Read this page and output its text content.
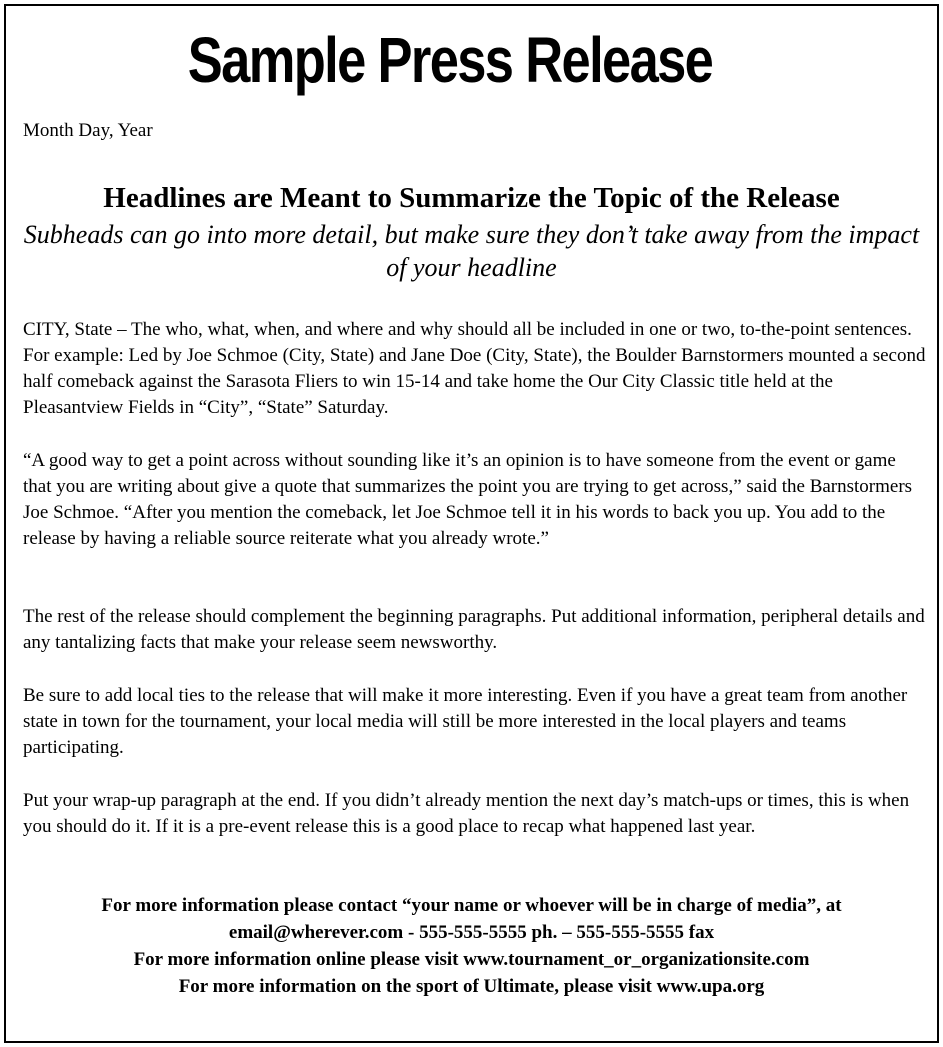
Sample Press Release
Month Day, Year
Headlines are Meant to Summarize the Topic of the Release
Subheads can go into more detail, but make sure they don’t take away from the impact of your headline

CITY, State – The who, what, when, and where and why should all be included in one or two, to-the-point sentences. For example: Led by Joe Schmoe (City, State) and Jane Doe (City, State), the Boulder Barnstormers mounted a second half comeback against the Sarasota Fliers to win 15-14 and take home the Our City Classic title held at the Pleasantview Fields in “City”, “State” Saturday.

“A good way to get a point across without sounding like it’s an opinion is to have someone from the event or game that you are writing about give a quote that summarizes the point you are trying to get across,” said the Barnstormers Joe Schmoe. “After you mention the comeback, let Joe Schmoe tell it in his words to back you up. You add to the release by having a reliable source reiterate what you already wrote.”

The rest of the release should complement the beginning paragraphs. Put additional information, peripheral details and any tantalizing facts that make your release seem newsworthy.

Be sure to add local ties to the release that will make it more interesting. Even if you have a great team from another state in town for the tournament, your local media will still be more interested in the local players and teams participating.

Put your wrap-up paragraph at the end. If you didn’t already mention the next day’s match-ups or times, this is when you should do it. If it is a pre-event release this is a good place to recap what happened last year.

For more information please contact “your name or whoever will be in charge of media”, at
email@wherever.com - 555-555-5555 ph. – 555-555-5555 fax
For more information online please visit www.tournament_or_organizationsite.com
For more information on the sport of Ultimate, please visit www.upa.org
